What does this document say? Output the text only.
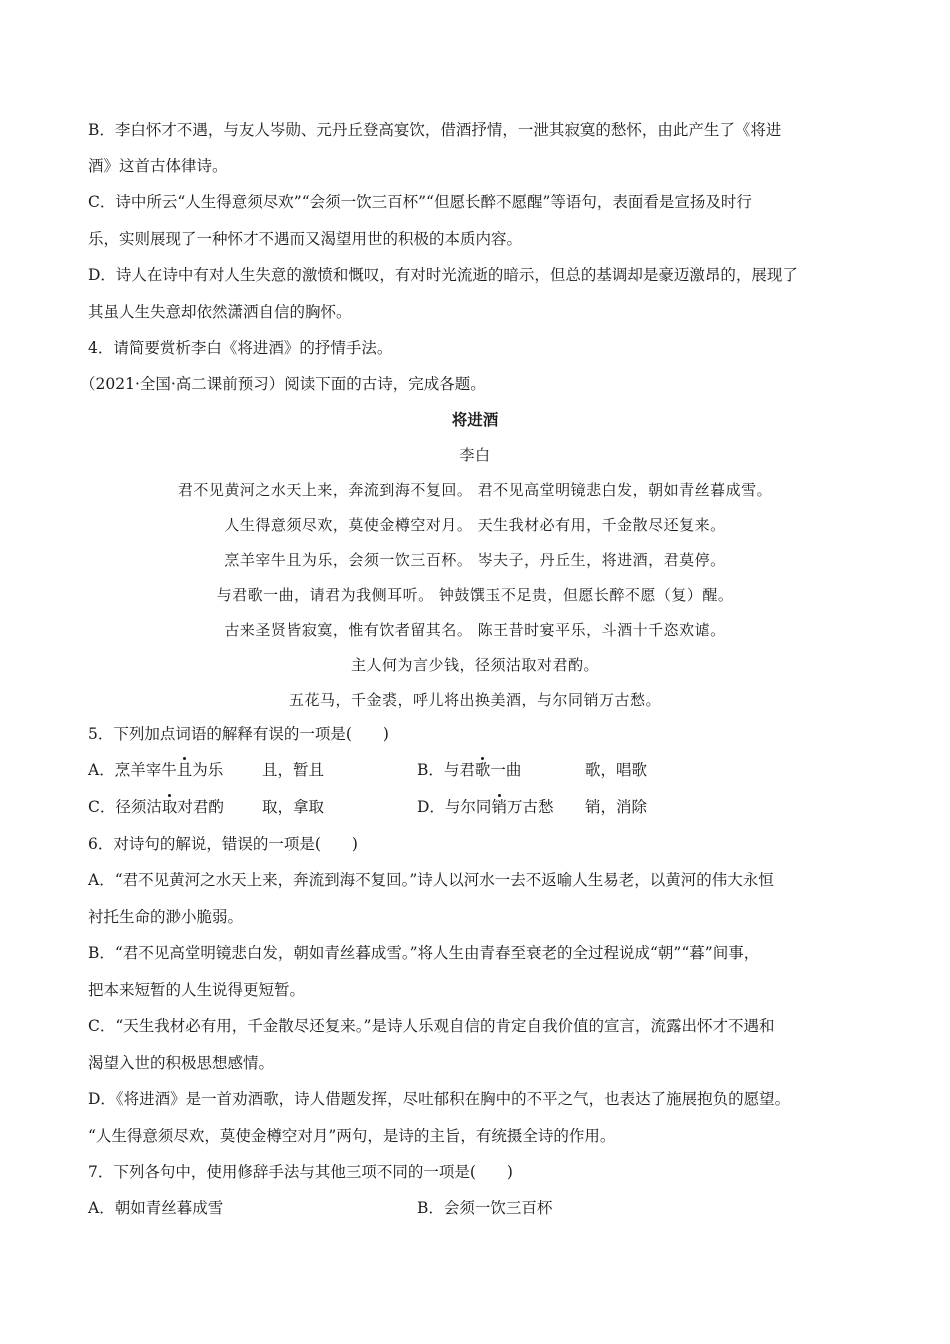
B．李白怀才不遇，与友人岑勋、元丹丘登高宴饮，借酒抒情，一泄其寂寞的愁怀，由此产生了《将进
酒》这首古体律诗。
C．诗中所云“人生得意须尽欢”“会须一饮三百杯”“但愿长醉不愿醒”等语句，表面看是宣扬及时行
乐，实则展现了一种怀才不遇而又渴望用世的积极的本质内容。
D．诗人在诗中有对人生失意的激愤和慨叹，有对时光流逝的暗示，但总的基调却是豪迈激昂的，展现了
其虽人生失意却依然潇洒自信的胸怀。
4．请简要赏析李白《将进酒》的抒情手法。
（2021·全国·高二课前预习）阅读下面的古诗，完成各题。
将进酒
李白
君不见黄河之水天上来，奔流到海不复回。 君不见高堂明镜悲白发，朝如青丝暮成雪。
人生得意须尽欢，莫使金樽空对月。 天生我材必有用，千金散尽还复来。
烹羊宰牛且为乐，会须一饮三百杯。 岑夫子，丹丘生，将进酒，君莫停。
与君歌一曲，请君为我侧耳听。 钟鼓馔玉不足贵，但愿长醉不愿（复）醒。
古来圣贤皆寂寞，惟有饮者留其名。 陈王昔时宴平乐，斗酒十千恣欢谑。
主人何为言少钱，径须沽取对君酌。
五花马，千金裘，呼儿将出换美酒，与尔同销万古愁。
5．下列加点词语的解释有误的一项是(　　)
A．烹羊宰牛且为乐	且，暂且	B．与君歌一曲	歌，唱歌
C．径须沽取对君酌 取，拿取	D．与尔同销万古愁 销，消除
6．对诗句的解说，错误的一项是(　　)
A．“君不见黄河之水天上来，奔流到海不复回。”诗人以河水一去不返喻人生易老，以黄河的伟大永恒
衬托生命的渺小脆弱。
B．“君不见高堂明镜悲白发，朝如青丝暮成雪。”将人生由青春至衰老的全过程说成“朝”“暮”间事，
把本来短暂的人生说得更短暂。
C．“天生我材必有用，千金散尽还复来。”是诗人乐观自信的肯定自我价值的宣言，流露出怀才不遇和
渴望入世的积极思想感情。
D．《将进酒》是一首劝酒歌，诗人借题发挥，尽吐郁积在胸中的不平之气，也表达了施展抱负的愿望。
“人生得意须尽欢，莫使金樽空对月”两句，是诗的主旨，有统摄全诗的作用。
7．下列各句中，使用修辞手法与其他三项不同的一项是(　　)
A．朝如青丝暮成雪	B．会须一饮三百杯
